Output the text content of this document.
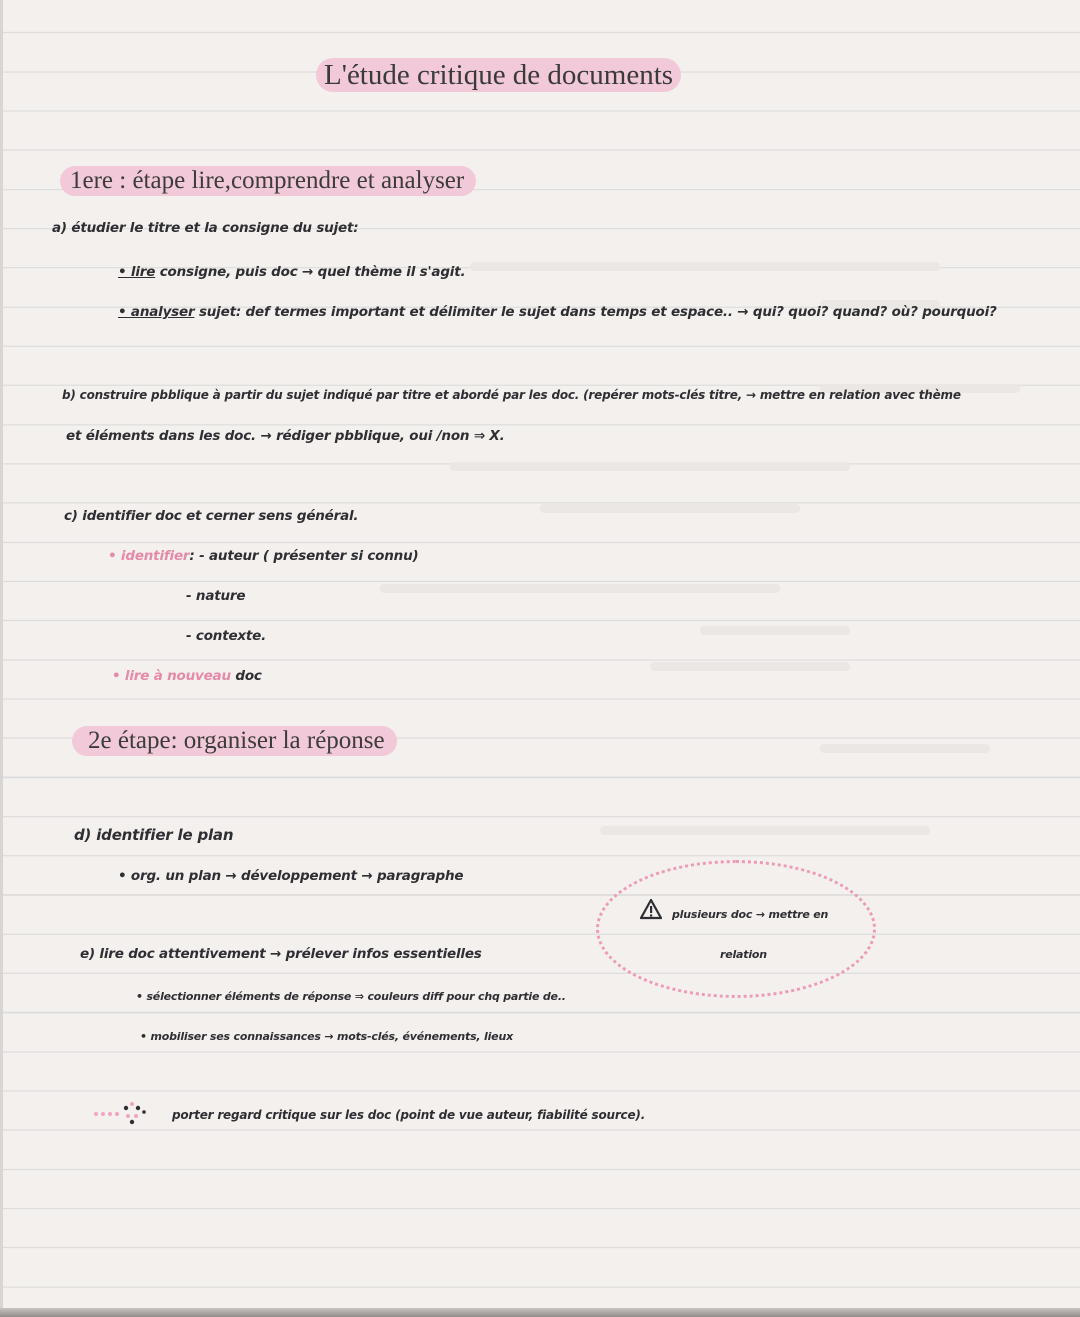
L'étude critique de documents
1ere : étape lire,comprendre et analyser
a) étudier le titre et la consigne du sujet:
• lire consigne, puis doc → quel thème il s'agit.
• analyser sujet: def termes important et délimiter le sujet dans temps et espace.. → qui? quoi? quand? où? pourquoi?
b) construire pbblique à partir du sujet indiqué par titre et abordé par les doc. (repérer mots-clés titre, → mettre en relation avec thème
et éléments dans les doc. → rédiger pbblique, oui /non ⇒ X.
c) identifier doc et cerner sens général.
• identifier: - auteur ( présenter si connu)
- nature
- contexte.
• lire à nouveau doc
2e étape: organiser la réponse
d) identifier le plan
• org. un plan → développement → paragraphe
plusieurs doc → mettre en
relation
e) lire doc attentivement → prélever infos essentielles
• sélectionner éléments de réponse ⇒ couleurs diff pour chq partie de..
• mobiliser ses connaissances → mots-clés, événements, lieux
porter regard critique sur les doc (point de vue auteur, fiabilité source).
